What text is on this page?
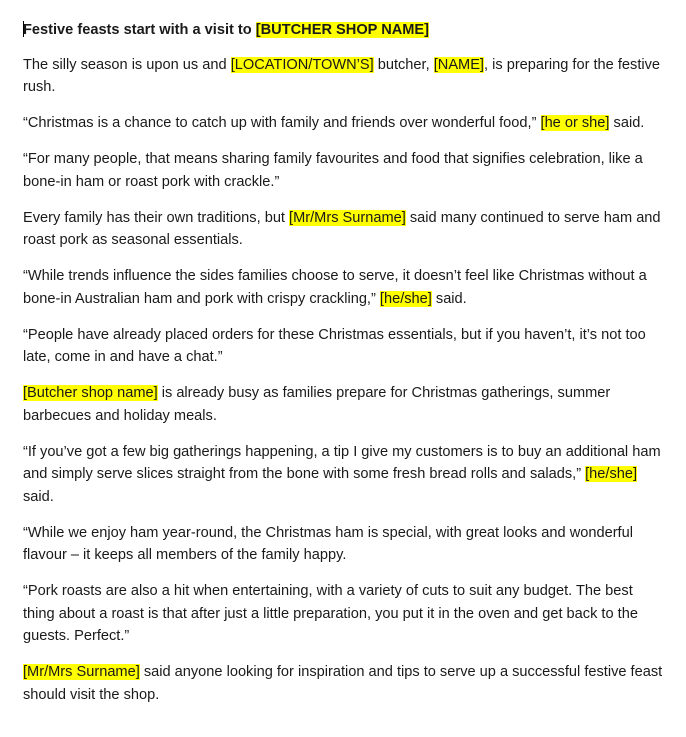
Festive feasts start with a visit to [BUTCHER SHOP NAME]

The silly season is upon us and [LOCATION/TOWN’S] butcher, [NAME], is preparing for the festive rush.

“Christmas is a chance to catch up with family and friends over wonderful food,” [he or she] said.

“For many people, that means sharing family favourites and food that signifies celebration, like a bone-in ham or roast pork with crackle.”

Every family has their own traditions, but [Mr/Mrs Surname] said many continued to serve ham and roast pork as seasonal essentials.

“While trends influence the sides families choose to serve, it doesn’t feel like Christmas without a bone-in Australian ham and pork with crispy crackling,” [he/she] said.

“People have already placed orders for these Christmas essentials, but if you haven’t, it’s not too late, come in and have a chat.”

[Butcher shop name] is already busy as families prepare for Christmas gatherings, summer barbecues and holiday meals.

“If you’ve got a few big gatherings happening, a tip I give my customers is to buy an additional ham and simply serve slices straight from the bone with some fresh bread rolls and salads,” [he/she] said.

“While we enjoy ham year-round, the Christmas ham is special, with great looks and wonderful flavour – it keeps all members of the family happy.

“Pork roasts are also a hit when entertaining, with a variety of cuts to suit any budget. The best thing about a roast is that after just a little preparation, you put it in the oven and get back to the guests. Perfect.”

[Mr/Mrs Surname] said anyone looking for inspiration and tips to serve up a successful festive feast should visit the shop.
